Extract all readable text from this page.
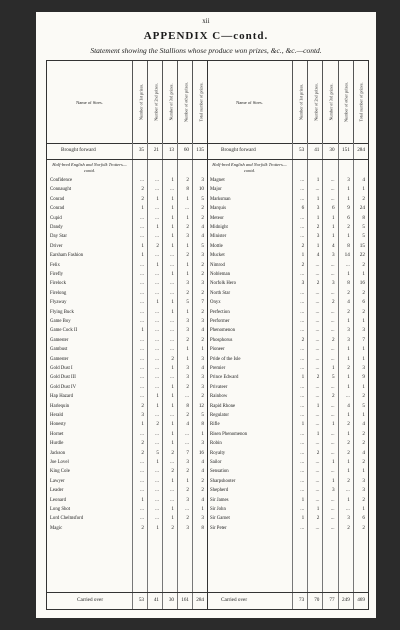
xii
APPENDIX C—contd.
Statement showing the Stallions whose produce won prizes, &c., &c.—contd.
Name of Sires.	Number of 1st prizes. Number of 2nd prizes. Number of 3rd prizes. Number of other prizes. Total number of prizes.
Brought forward	35	21	13	60	135
Half-bred English and Norfolk Trotters—contd.
Confidence	...	...	1	2	3
Connaught	2	...	...	8	10
Conrad	2	1	1	1	5
Conrad	1	...	1	...	2
Cupid	...	...	1	1	2
Dandy	...	1	1	2	4
Day Star	...	...	1	3	4
Driver	1	2	1	1	5
Earsham Fashion	1	...	...	2	3
Felix	...	1	...	1	2
Firefly	...	...	1	1	2
Firelock	...	...	...	3	3
Firelong	...	...	...	2	2
Flyaway	...	1	1	5	7
Flying Buck	...	...	1	1	2
Game Boy	...	...	...	3	3
Game Cock II	1	...	...	3	4
Gamester	...	...	...	2	2
Gambust	...	...	...	1	1
Gamester	...	...	2	1	3
Gold Dust I	...	...	1	3	4
Gold Dust III	...	...	...	3	3
Gold Dust IV	...	...	1	2	3
Hap Hazard	...	1	1	...	2
Harlequin	2	1	1	8	12
Herald	3	...	...	2	5
Honesty	1	2	1	4	8
Hornet	...	...	1	...	1
Hurdle	2	...	1	...	3
Jackson	2	5	2	7	16
Joe Lovel	...	1	...	3	4
King Cole	...	...	2	2	4
Lawyer	...	...	1	1	2
Leader	...	...	...	2	2
Leonard	1	...	...	3	4
Long Shot	...	...	1	...	1
Lord Chelmsford	...	...	1	2	3
Magic	2	1	2	3	8
Carried over	53	41	30	161	284
Name of Sires.	Number of 1st prizes. Number of 2nd prizes. Number of 3rd prizes. Number of other prizes. Total number of prizes.
Brought forward	53	41	30	151	284
Half-bred English and Norfolk Trotters—contd.
Magnet	...	1	...	3	4
Major	...	...	...	1	1
Marksman	...	1	...	1	2
Marquis	6	3	6	9	24
Meteor	...	1	1	6	8
Midnight	...	2	1	2	5
Minister	...	3	1	1	5
Mottle	2	1	4	8	15
Mucket	1	4	3	14	22
Nimrod	2	...	...	...	2
Nobleman	...	...	...	1	1
Norfolk Hero	3	2	3	8	16
North Star	...	...	...	2	2
Onyx	...	...	2	4	6
Perfection	...	...	...	2	2
Performer	...	...	...	1	1
Phenomenon	...	...	...	3	3
Phosphorus	2	...	2	3	7
Pioneer	...	...	...	1	1
Pride of the Isle	...	...	...	1	1
Premier	...	...	1	2	3
Prince Edward	1	2	5	1	9
Privateer	...	...	...	1	1
Rainbow	...	...	2	...	2
Rapid Rhone	...	1	...	4	5
Regulator	...	...	...	1	1
Rifle	1	...	1	2	4
Risen Phenomenon	...	1	...	1	2
Robin	...	...	...	2	2
Royalty	...	2	...	2	4
Sailor	...	...	1	1	2
Sensation	...	...	...	1	1
Sharpshooter	...	...	1	2	3
Shepherd	...	...	3	...	3
Sir James	1	...	...	1	2
Sir John	...	1	...	...	1
Sir Garnet	1	2	...	3	6
Sir Peter	...	...	...	2	2
Carried over	73	70	77	249	469
